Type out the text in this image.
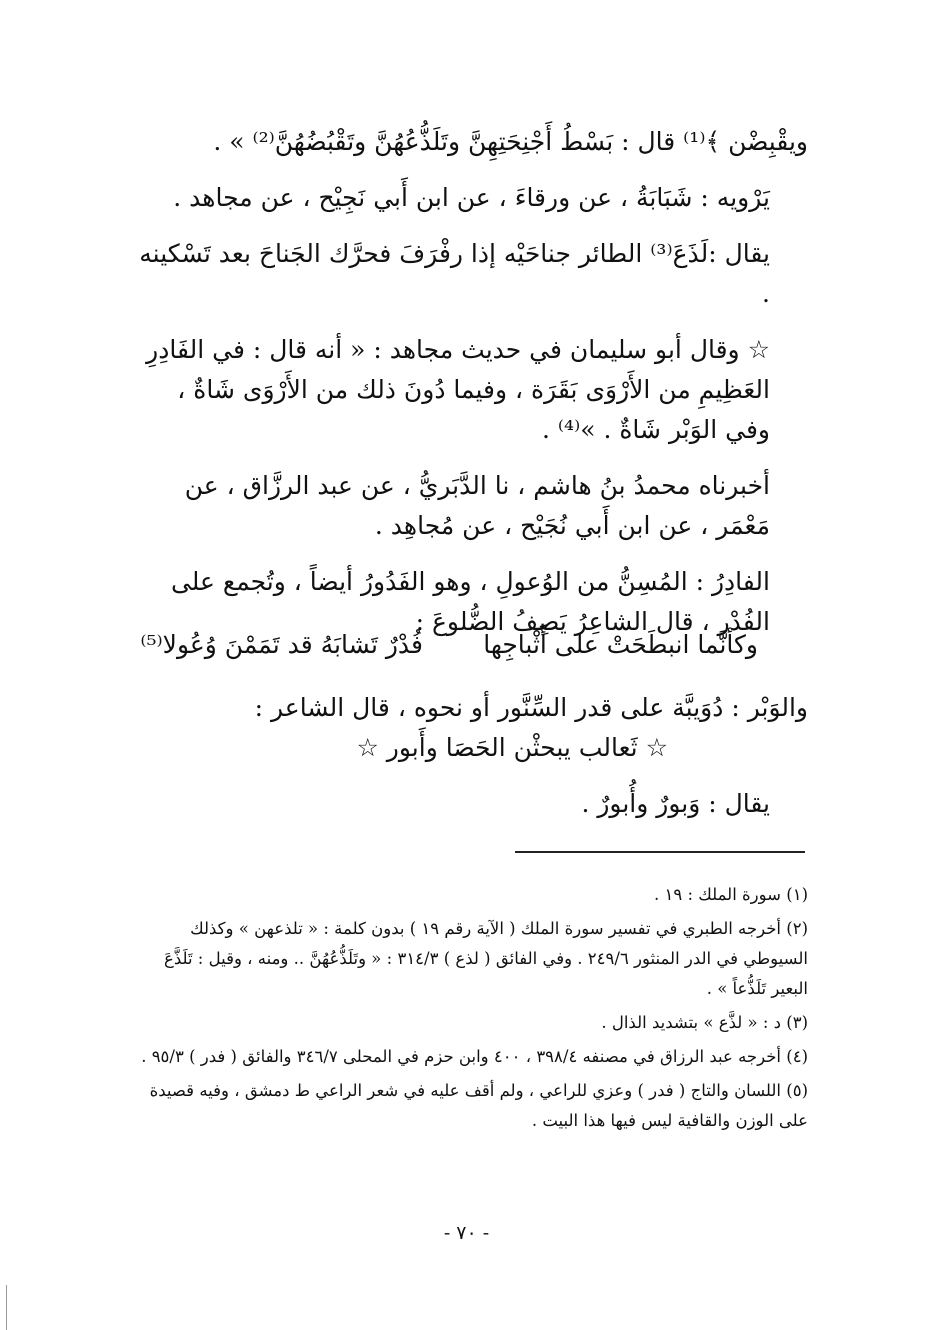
ويقْبِضْن ﴾⁽¹⁾ قال : بَسْطُ أَجْنِحَتِهِنَّ وتَلَذُّعُهُنَّ وتَقْبُضُهُنَّ⁽²⁾ » .

يَرْويه : شَبَابَةُ ، عن ورقاءَ ، عن ابن أَبي نَجِيْح ، عن مجاهد .

يقال :لَذَعَ⁽³⁾ الطائر جناحَيْه إذا رفْرَفَ فحرَّك الجَناحَ بعد تَسْكينه .

☆ وقال أبو سليمان في حديث مجاهد : « أنه قال : في الفَادِرِ العَظِيمِ من الأَرْوَى بَقَرَة ، وفيما دُونَ ذلك من الأَرْوَى شَاةٌ ، وفي الوَبْر شَاةٌ . »⁽⁴⁾ .

أخبرناه محمدُ بنُ هاشم ، نا الدَّبَريُّ ، عن عبد الرزَّاق ، عن مَعْمَر ، عن ابن أَبي نُجَيْح ، عن مُجاهِد .

الفادِرُ : المُسِنُّ من الوُعولِ ، وهو الفَدُورُ أيضاً ، وتُجمع على الفُدْر ، قال الشاعِرُ يَصِفُ الضُّلوعَ :

وكأنَّما انبطَحَتْ على أَثْباجِها
فُدْرٌ تَشابَهُ قد تَمَمْنَ وُعُولا⁽⁵⁾

والوَبْر : دُوَيبَّة على قدر السِّنَّور أو نحوه ، قال الشاعر :

☆ ثَعالب يبحثْن الحَصَا وأَبور ☆

يقال : وَبورٌ وأُبورٌ .

(١) سورة الملك : ١٩ .

(٢) أخرجه الطبري في تفسير سورة الملك ( الآية رقم ١٩ ) بدون كلمة : « تلذعهن » وكذلك السيوطي في الدر المنثور ٢٤٩/٦ . وفي الفائق ( لذع ) ٣١٤/٣ : « وتَلَذُّعُهُنَّ .. ومنه ، وقيل : تَلَذَّعَ البعير تَلَذُّعاً » .

(٣) د : « لذَّع » بتشديد الذال .

(٤) أخرجه عبد الرزاق في مصنفه ٣٩٨/٤ ، ٤٠٠ وابن حزم في المحلى ٣٤٦/٧ والفائق ( فدر ) ٩٥/٣ .

(٥) اللسان والتاج ( فدر ) وعزي للراعي ، ولم أقف عليه في شعر الراعي ط دمشق ، وفيه قصيدة على الوزن والقافية ليس فيها هذا البيت .

- ٧٠ -
